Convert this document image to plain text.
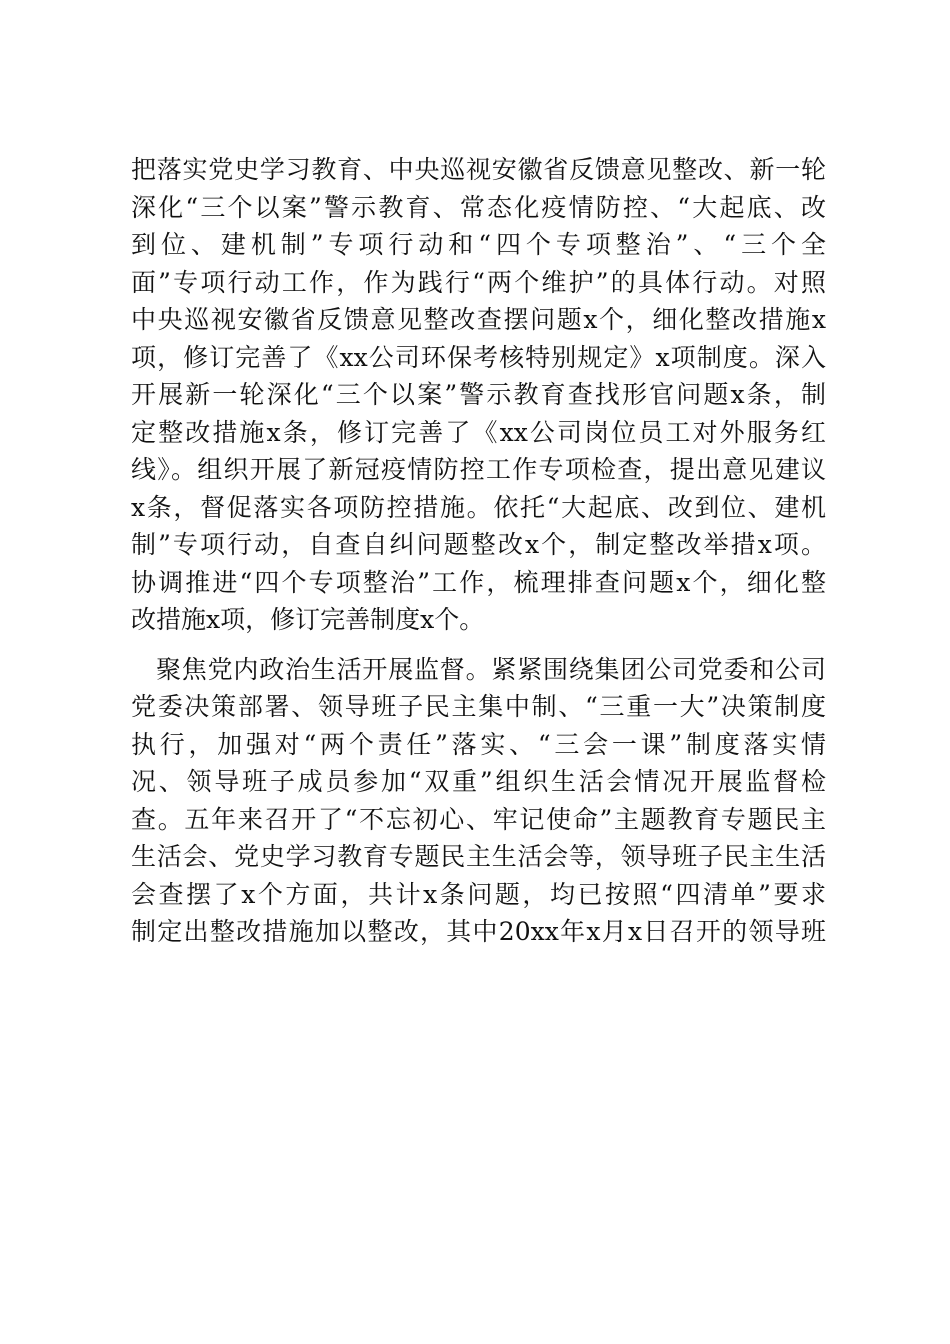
把落实党史学习教育、中央巡视安徽省反馈意见整改、新一轮
深化“三个以案”警示教育、常态化疫情防控、“大起底、改
到位、建机制”专项行动和“四个专项整治”、“三个全
面”专项行动工作，作为践行“两个维护”的具体行动。对照
中央巡视安徽省反馈意见整改查摆问题x个，细化整改措施x
项，修订完善了《xx公司环保考核特别规定》x项制度。深入
开展新一轮深化“三个以案”警示教育查找形官问题x条，制
定整改措施x条，修订完善了《xx公司岗位员工对外服务红
线》。组织开展了新冠疫情防控工作专项检查，提出意见建议
x条，督促落实各项防控措施。依托“大起底、改到位、建机
制”专项行动，自查自纠问题整改x个，制定整改举措x项。
协调推进“四个专项整治”工作，梳理排查问题x个，细化整
改措施x项，修订完善制度x个。
聚焦党内政治生活开展监督。紧紧围绕集团公司党委和公司
党委决策部署、领导班子民主集中制、“三重一大”决策制度
执行，加强对“两个责任”落实、“三会一课”制度落实情
况、领导班子成员参加“双重”组织生活会情况开展监督检
查。五年来召开了“不忘初心、牢记使命”主题教育专题民主
生活会、党史学习教育专题民主生活会等，领导班子民主生活
会查摆了x个方面，共计x条问题，均已按照“四清单”要求
制定出整改措施加以整改，其中20xx年x月x日召开的领导班
